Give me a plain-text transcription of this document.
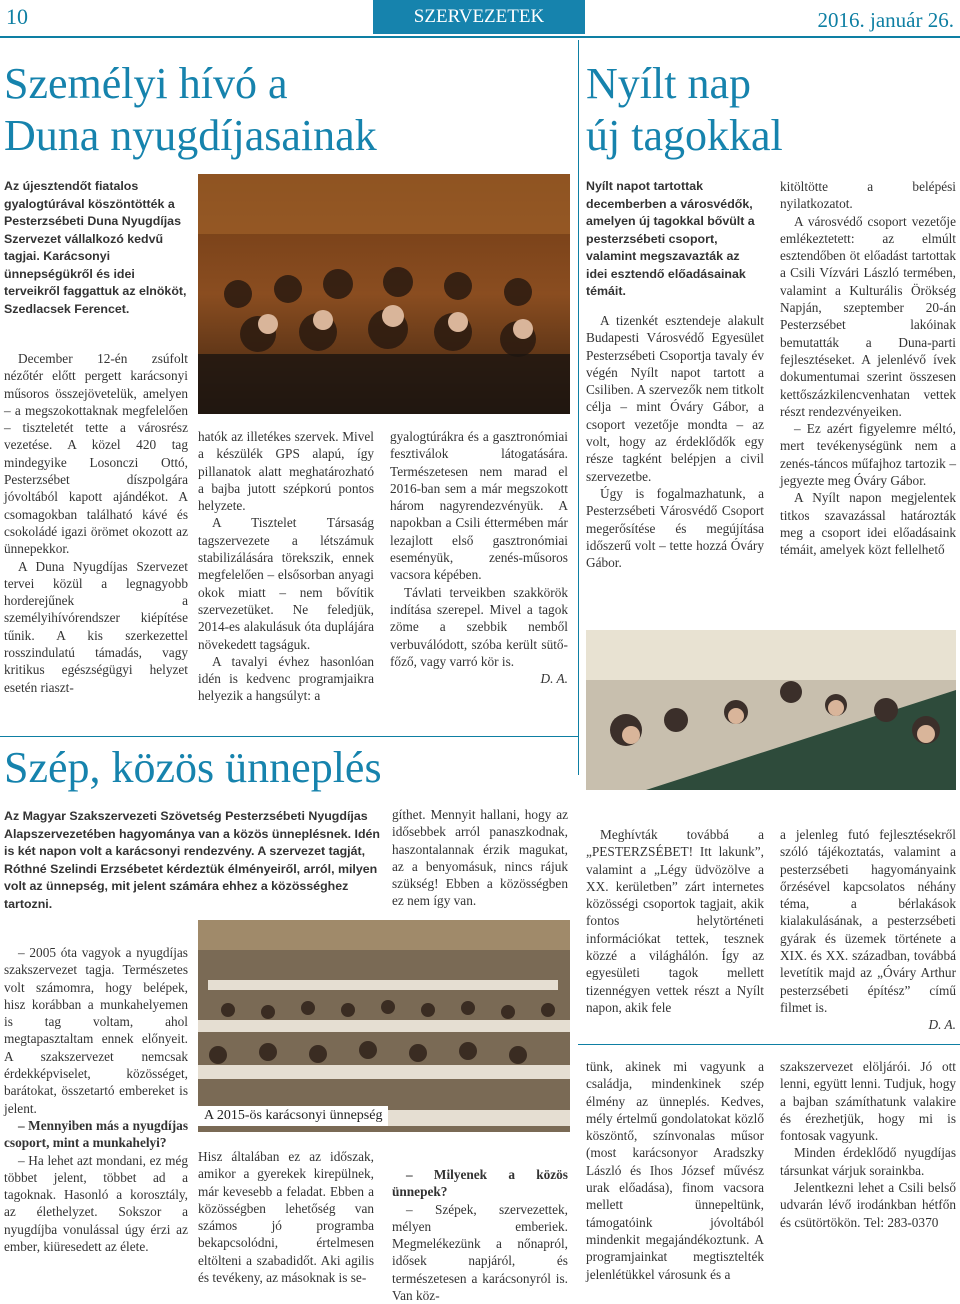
10	SZERVEZETEK	2016. január 26.
Személyi hívó a
Duna nyugdíjasainak
Az újesztendőt fiatalos gyalogtúrával köszöntötték a Pesterzsébeti Duna Nyugdíjas Szervezet vállalkozó kedvű tagjai. Karácsonyi ünnepségükről és idei terveikről faggattuk az elnököt, Szedlacsek Ferencet.

December 12-én zsúfolt nézőtér előtt pergett karácsonyi műsoros összejövetelük, amelyen – a megszokottaknak megfelelően – tiszteletét tette a városrész vezetése. A közel 420 tag mindegyike Losonczi Ottó, Pesterzsébet díszpolgára jóvoltából kapott ajándékot. A csomagokban található kávé és csokoládé igazi örömet okozott az ünnepekkor.

A Duna Nyugdíjas Szervezet tervei közül a legnagyobb horderejűnek a személyihívórendszer kiépítése tűnik. A kis szerkezettel rosszindulatú támadás, vagy kritikus egészségügyi helyzet esetén riaszt-

hatók az illetékes szervek. Mivel a készülék GPS alapú, így pillanatok alatt meghatározható a bajba jutott szépkorú pontos helyzete.

A Tisztelet Társaság tagszervezete a létszámuk stabilizálására törekszik, ennek megfelelően – elsősorban anyagi okok miatt – nem bővítik szervezetüket. Ne feledjük, 2014-es alakulásuk óta duplájára növekedett tagságuk.

A tavalyi évhez hasonlóan idén is kedvenc programjaikra helyezik a hangsúlyt: a

gyalogtúrákra és a gasztronómiai fesztiválok látogatására. Természetesen nem marad el 2016-ban sem a már megszokott három nagyrendezvényük. A napokban a Csili éttermében már lezajlott első gasztronómiai eseményük, zenés-műsoros vacsora képében.

Távlati terveikben szakkörök indítása szerepel. Mivel a tagok zöme a szebbik nemből verbuválódott, szóba került sütő-főző, vagy varró kör is.

D. A.
Nyílt nap
új tagokkal
Nyílt napot tartottak decemberben a városvédők, amelyen új tagokkal bővült a pesterzsébeti csoport, valamint megszavazták az idei esztendő előadásainak témáit.

A tizenkét esztendeje alakult Budapesti Városvédő Egyesület Pesterzsébeti Csoportja tavaly év végén Nyílt napot tartott a Csiliben. A szervezők nem titkolt célja – mint Óváry Gábor, a csoport vezetője mondta – az volt, hogy az érdeklődők egy része tagként belépjen a civil szervezetbe.

Úgy is fogalmazhatunk, a Pesterzsébeti Városvédő Csoport megerősítése és megújítása időszerű volt – tette hozzá Óváry Gábor.

kitöltötte a belépési nyilatkozatot.

A városvédő csoport vezetője emlékeztetett: az elmúlt esztendőben öt előadást tartottak a Csili Vízvári László termében, valamint a Kulturális Örökség Napján, szeptember 20-án Pesterzsébet lakóinak bemutatták a Duna-parti fejlesztéseket. A jelenlévő ívek dokumentumai szerint összesen kettőszázkilencvenhatan vettek részt rendezvényeiken.

– Ez azért figyelemre méltó, mert tevékenységünk nem a zenés-táncos műfajhoz tartozik – jegyezte meg Óváry Gábor.

A Nyílt napon megjelentek titkos szavazással határozták meg a csoport idei előadásaink témáit, amelyek közt fellelhető

Szép, közös ünneplés
Az Magyar Szakszervezeti Szövetség Pesterzsébeti Nyugdíjas Alapszervezetében hagyománya van a közös ünneplésnek. Idén is két napon volt a karácsonyi rendezvény. A szervezet tagját, Róthné Szelindi Erzsébetet kérdeztük élményeiről, arról, milyen volt az ünnepség, mit jelent számára ehhez a közösséghez tartozni.

– 2005 óta vagyok a nyugdíjas szakszervezet tagja. Természetes volt számomra, hogy belépek, hisz korábban a munkahelyemen is tag voltam, ahol megtapasztaltam ennek előnyeit. A szakszervezet nemcsak érdekképviselet, közösséget, barátokat, összetartó embereket is jelent.

– Mennyiben más a nyugdíjas csoport, mint a munkahelyi?

– Ha lehet azt mondani, ez még többet jelent, többet ad a tagoknak. Hasonló a korosztály, az élethelyzet. Sokszor a nyugdíjba vonulással úgy érzi az ember, kiüresedett az élete.

A 2015-ös karácsonyi ünnepség

Hisz általában ez az időszak, amikor a gyerekek kirepülnek, már kevesebb a feladat. Ebben a közösségben lehetőség van számos jó programba bekapcsolódni, értelmesen eltölteni a szabadidőt. Aki agilis és tevékeny, az másoknak is se-

gíthet. Mennyit hallani, hogy az idősebbek arról panaszkodnak, haszontalannak érzik magukat, az a benyomásuk, nincs rájuk szükség! Ebben a közösségben ez nem így van.

– Milyenek a közös ünnepek?

– Szépek, szervezettek, mélyen emberiek. Megmelékezünk a nőnapról, idősek napjáról, és természetesen a karácsonyról is. Van köz-

Meghívták továbbá a „PESTERZSÉBET! Itt lakunk”, valamint a „Légy üdvözölve a XX. kerületben” zárt internetes közösségi csoportok tagjait, akik fontos helytörténeti információkat tettek, tesznek közzé a világhálón. Így az egyesületi tagok mellett tizennégyen vettek részt a Nyílt napon, akik fele

a jelenleg futó fejlesztésekről szóló tájékoztatás, valamint a pesterzsébeti hagyományaink őrzésével kapcsolatos néhány téma, a bérlakások kialakulásának, a pesterzsébeti gyárak és üzemek története a XIX. és XX. században, továbbá levetítik majd az „Óváry Arthur pesterzsébeti építész” című filmet is.

D. A.

tünk, akinek mi vagyunk a családja, mindenkinek szép élmény az ünneplés. Kedves, mély értelmű gondolatokat közlő köszöntő, színvonalas műsor (most karácsonyor Aradszky László és Ihos József művész urak előadása), finom vacsora mellett ünnepeltünk, támogatóink jóvoltából mindenkit megajándékoztunk. A programjainkat megtisztelték jelenlétükkel városunk és a

szakszervezet elöljárói. Jó ott lenni, együtt lenni. Tudjuk, hogy a bajban számíthatunk valakire és érezhetjük, hogy mi is fontosak vagyunk.

Minden érdeklődő nyugdíjas társunkat várjuk sorainkba.

Jelentkezni lehet a Csili belső udvarán lévő irodánkban hétfőn és csütörtökön. Tel: 283-0370
